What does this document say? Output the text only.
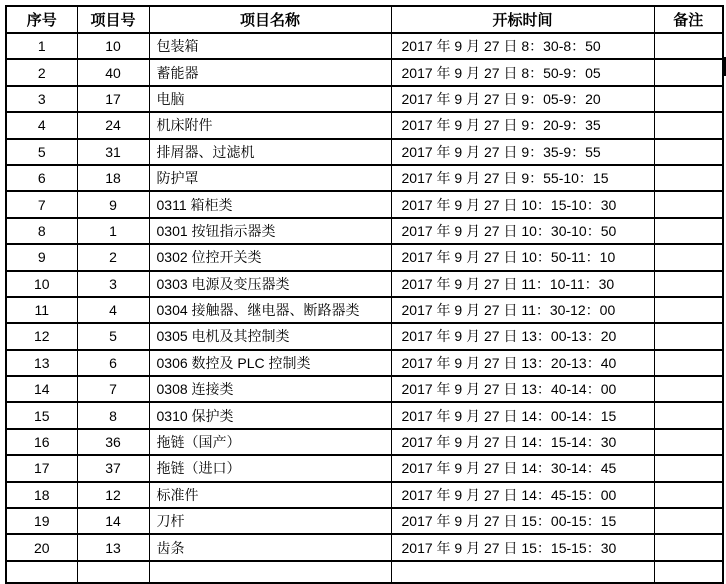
序号	项目号	项目名称	开标时间	备注
1	10	包装箱	2017 年 9 月 27 日 8：30-8：50	
2	40	蓄能器	2017 年 9 月 27 日 8：50-9：05	
3	17	电脑	2017 年 9 月 27 日 9：05-9：20	
4	24	机床附件	2017 年 9 月 27 日 9：20-9：35	
5	31	排屑器、过滤机	2017 年 9 月 27 日 9：35-9：55	
6	18	防护罩	2017 年 9 月 27 日 9：55-10：15	
7	9	0311 箱柜类	2017 年 9 月 27 日 10：15-10：30	
8	1	0301 按钮指示器类	2017 年 9 月 27 日 10：30-10：50	
9	2	0302 位控开关类	2017 年 9 月 27 日 10：50-11：10	
10	3	0303 电源及变压器类	2017 年 9 月 27 日 11：10-11：30	
11	4	0304 接触器、继电器、断路器类	2017 年 9 月 27 日 11：30-12：00	
12	5	0305 电机及其控制类	2017 年 9 月 27 日 13：00-13：20	
13	6	0306 数控及 PLC 控制类	2017 年 9 月 27 日 13：20-13：40	
14	7	0308 连接类	2017 年 9 月 27 日 13：40-14：00	
15	8	0310 保护类	2017 年 9 月 27 日 14：00-14：15	
16	36	拖链（国产）	2017 年 9 月 27 日 14：15-14：30	
17	37	拖链（进口）	2017 年 9 月 27 日 14：30-14：45	
18	12	标准件	2017 年 9 月 27 日 14：45-15：00	
19	14	刀杆	2017 年 9 月 27 日 15：00-15：15	
20	13	齿条	2017 年 9 月 27 日 15：15-15：30	
